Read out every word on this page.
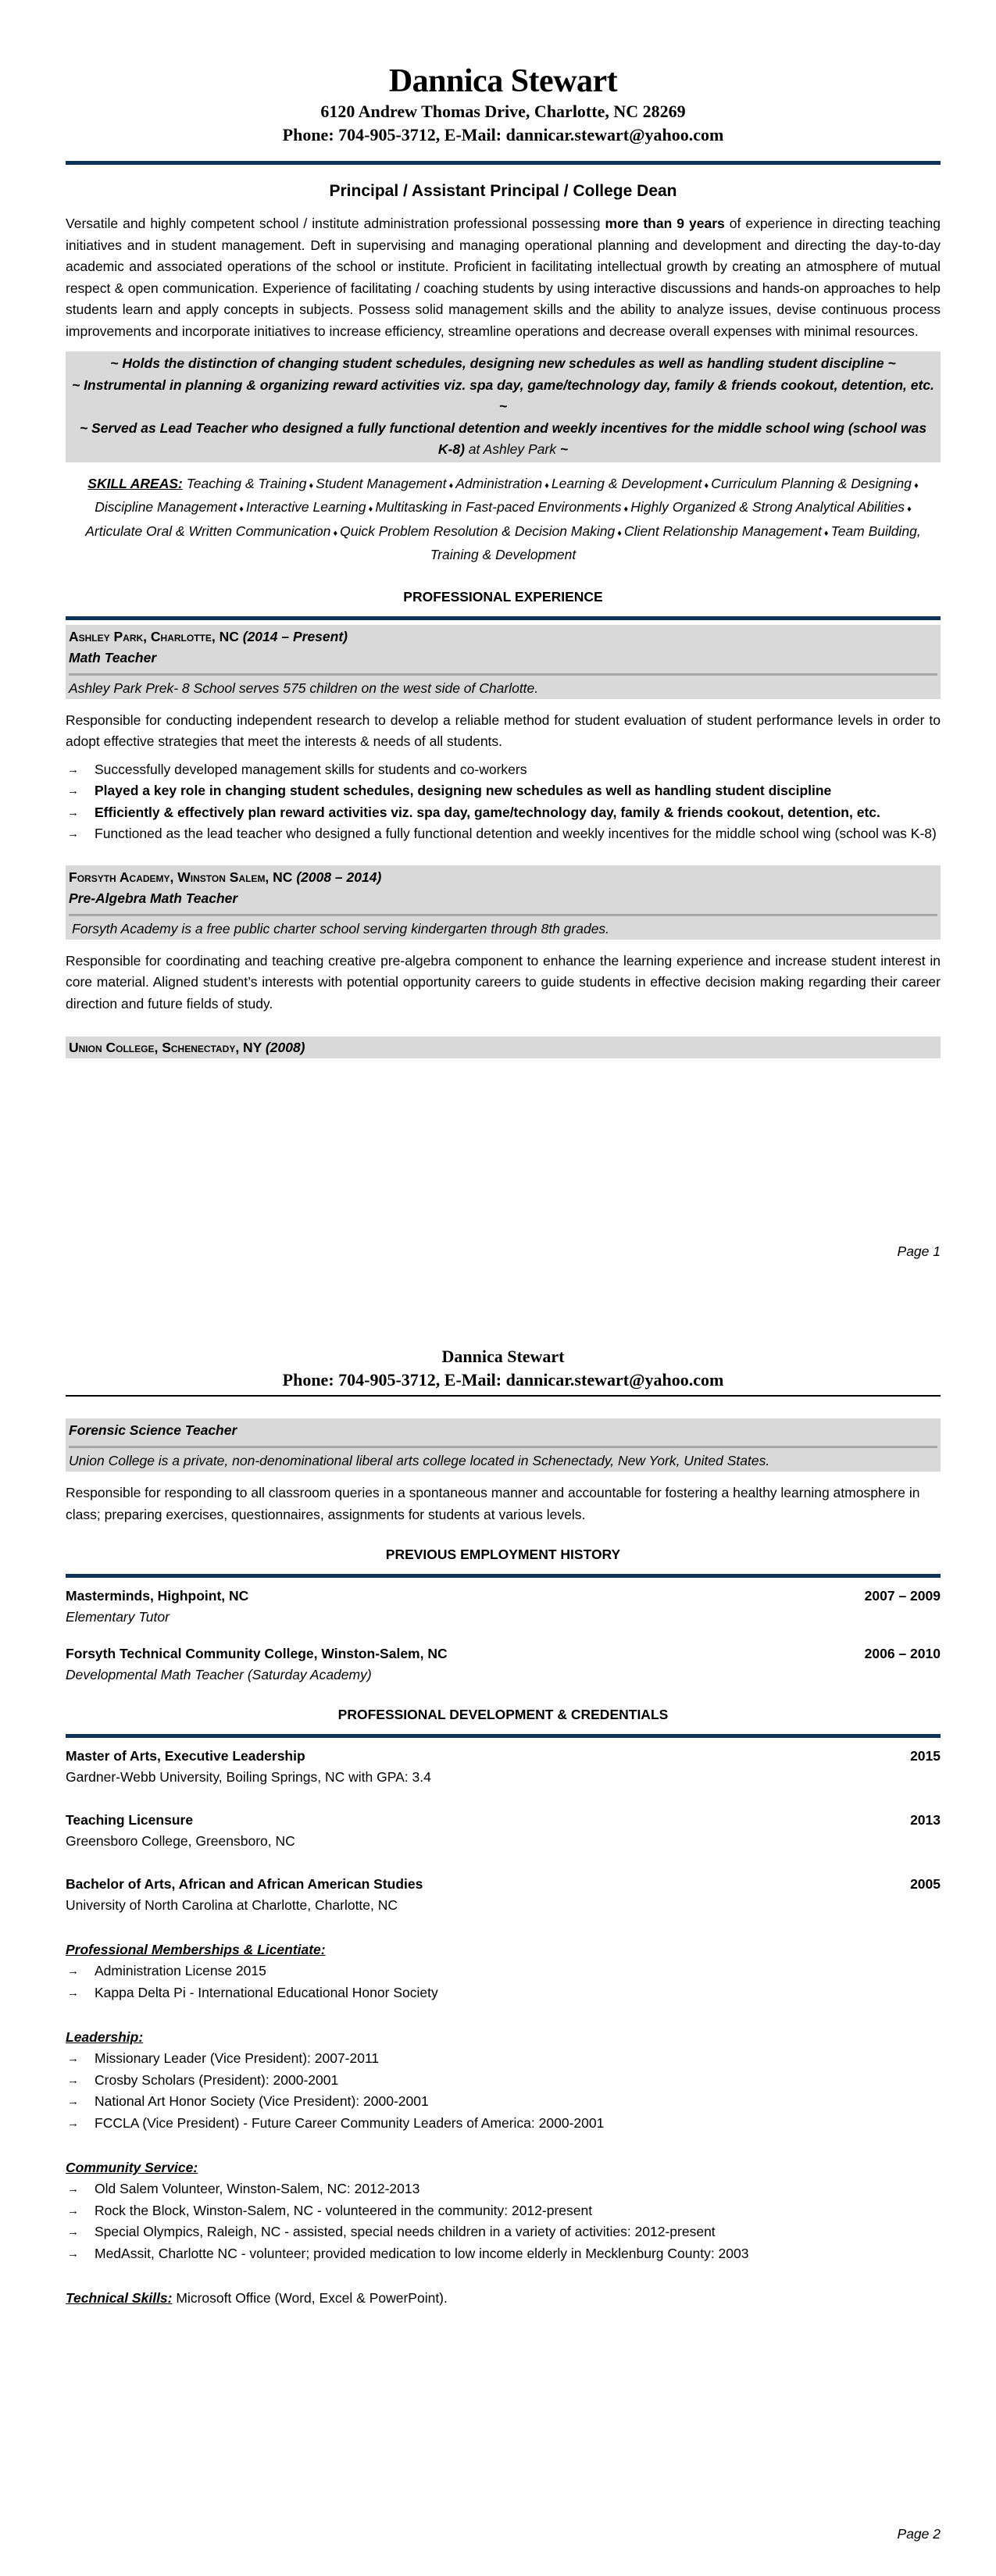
Dannica Stewart
6120 Andrew Thomas Drive, Charlotte, NC 28269
Phone: 704-905-3712, E-Mail: dannicar.stewart@yahoo.com
Principal / Assistant Principal / College Dean

Versatile and highly competent school / institute administration professional possessing more than 9 years of experience in directing teaching initiatives and in student management. Deft in supervising and managing operational planning and development and directing the day-to-day academic and associated operations of the school or institute. Proficient in facilitating intellectual growth by creating an atmosphere of mutual respect & open communication. Experience of facilitating / coaching students by using interactive discussions and hands-on approaches to help students learn and apply concepts in subjects. Possess solid management skills and the ability to analyze issues, devise continuous process improvements and incorporate initiatives to increase efficiency, streamline operations and decrease overall expenses with minimal resources.

~ Holds the distinction of changing student schedules, designing new schedules as well as handling student discipline ~
~ Instrumental in planning & organizing reward activities viz. spa day, game/technology day, family & friends cookout, detention, etc. ~
~ Served as Lead Teacher who designed a fully functional detention and weekly incentives for the middle school wing (school was K-8) at Ashley Park ~
SKILL AREAS: Teaching & Training ♦ Student Management ♦ Administration ♦ Learning & Development ♦ Curriculum Planning & Designing ♦ Discipline Management ♦ Interactive Learning ♦ Multitasking in Fast-paced Environments ♦ Highly Organized & Strong Analytical Abilities ♦ Articulate Oral & Written Communication ♦ Quick Problem Resolution & Decision Making ♦ Client Relationship Management ♦ Team Building, Training & Development
PROFESSIONAL EXPERIENCE
Ashley Park, Charlotte, NC (2014 – Present)
Math Teacher
Ashley Park Prek- 8 School serves 575 children on the west side of Charlotte.

Responsible for conducting independent research to develop a reliable method for student evaluation of student performance levels in order to adopt effective strategies that meet the interests & needs of all students.

→ Successfully developed management skills for students and co-workers
→ Played a key role in changing student schedules, designing new schedules as well as handling student discipline
→ Efficiently & effectively plan reward activities viz. spa day, game/technology day, family & friends cookout, detention, etc.
→ Functioned as the lead teacher who designed a fully functional detention and weekly incentives for the middle school wing (school was K-8)
Forsyth Academy, Winston Salem, NC (2008 – 2014)
Pre-Algebra Math Teacher
Forsyth Academy is a free public charter school serving kindergarten through 8th grades.

Responsible for coordinating and teaching creative pre-algebra component to enhance the learning experience and increase student interest in core material. Aligned student’s interests with potential opportunity careers to guide students in effective decision making regarding their career direction and future fields of study.

Union College, Schenectady, NY (2008)
Page 1
Dannica Stewart
Phone: 704-905-3712, E-Mail: dannicar.stewart@yahoo.com
Forensic Science Teacher
Union College is a private, non-denominational liberal arts college located in Schenectady, New York, United States.

Responsible for responding to all classroom queries in a spontaneous manner and accountable for fostering a healthy learning atmosphere in class; preparing exercises, questionnaires, assignments for students at various levels.

PREVIOUS EMPLOYMENT HISTORY
Masterminds, Highpoint, NC	2007 – 2009
Elementary Tutor
Forsyth Technical Community College, Winston-Salem, NC	2006 – 2010
Developmental Math Teacher (Saturday Academy)
PROFESSIONAL DEVELOPMENT & CREDENTIALS
Master of Arts, Executive Leadership	2015
Gardner-Webb University, Boiling Springs, NC with GPA: 3.4
Teaching Licensure	2013
Greensboro College, Greensboro, NC
Bachelor of Arts, African and African American Studies	2005
University of North Carolina at Charlotte, Charlotte, NC
Professional Memberships & Licentiate:
→ Administration License 2015
→ Kappa Delta Pi - International Educational Honor Society
Leadership:
→ Missionary Leader (Vice President): 2007-2011
→ Crosby Scholars (President): 2000-2001
→ National Art Honor Society (Vice President): 2000-2001
→ FCCLA (Vice President) - Future Career Community Leaders of America: 2000-2001
Community Service:
→ Old Salem Volunteer, Winston-Salem, NC: 2012-2013
→ Rock the Block, Winston-Salem, NC - volunteered in the community: 2012-present
→ Special Olympics, Raleigh, NC - assisted, special needs children in a variety of activities: 2012-present
→ MedAssit, Charlotte NC - volunteer; provided medication to low income elderly in Mecklenburg County: 2003
Technical Skills: Microsoft Office (Word, Excel & PowerPoint).
Page 2
